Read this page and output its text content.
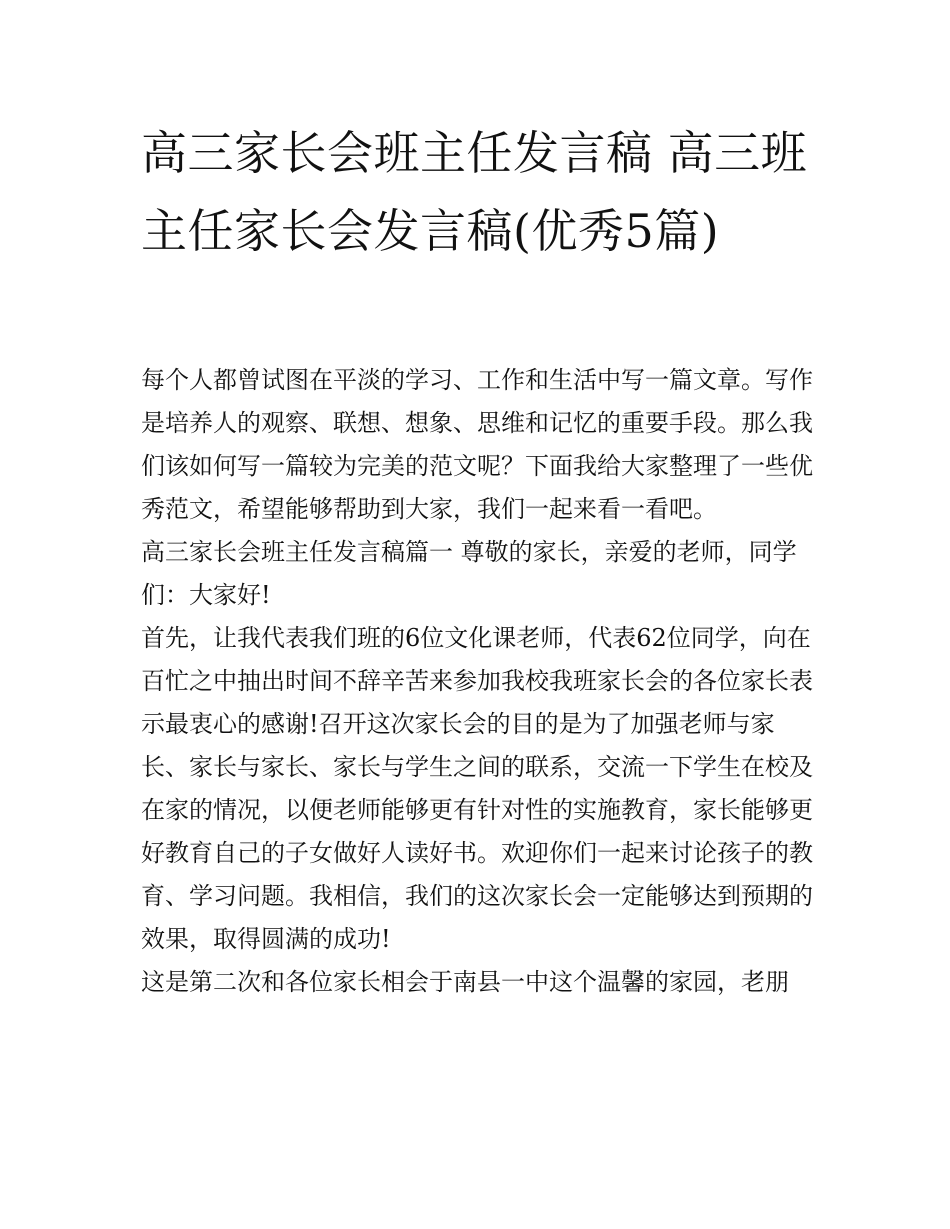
高三家长会班主任发言稿 高三班主任家长会发言稿(优秀5篇)

每个人都曾试图在平淡的学习、工作和生活中写一篇文章。写作是培养人的观察、联想、想象、思维和记忆的重要手段。那么我们该如何写一篇较为完美的范文呢？下面我给大家整理了一些优秀范文，希望能够帮助到大家，我们一起来看一看吧。

高三家长会班主任发言稿篇一 尊敬的家长，亲爱的老师，同学们：大家好!

首先，让我代表我们班的6位文化课老师，代表62位同学，向在百忙之中抽出时间不辞辛苦来参加我校我班家长会的各位家长表示最衷心的感谢!召开这次家长会的目的是为了加强老师与家长、家长与家长、家长与学生之间的联系，交流一下学生在校及在家的情况，以便老师能够更有针对性的实施教育，家长能够更好教育自己的子女做好人读好书。欢迎你们一起来讨论孩子的教育、学习问题。我相信，我们的这次家长会一定能够达到预期的效果，取得圆满的成功!

这是第二次和各位家长相会于南县一中这个温馨的家园，老朋
